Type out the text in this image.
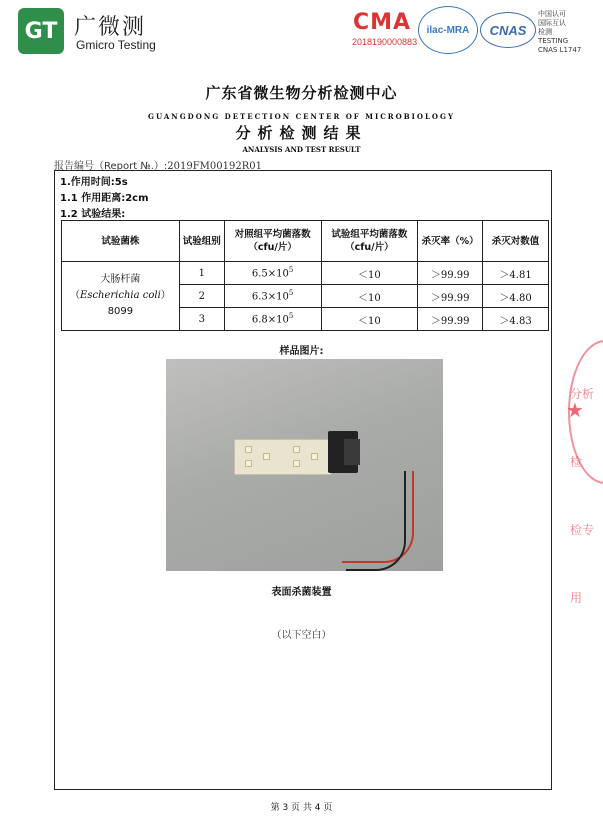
GT 广微测
Gmicro Testing
CMA
2018190000883
ilac-MRA CNAS
中国认可
国际互认
检测
TESTING
CNAS L1747
广东省微生物分析检测中心
GUANGDONG DETECTION CENTER OF MICROBIOLOGY
分析检测结果
ANALYSIS AND TEST RESULT
报告编号（Report №.）:2019FM00192R01
1.作用时间:5s
1.1 作用距离:2cm
1.2 试验结果:
试验菌株	试验组别	对照组平均菌落数（cfu/片）	试验组平均菌落数（cfu/片）	杀灭率（%）	杀灭对数值

大肠杆菌
（Escherichia coli）
8099	1	$6.5\times 10^5$	＜10	＞99.99	＞4.81
	2	$6.3\times 10^5$	＜10	＞99.99	＞4.80
	3	$6.8\times 10^5$	＜10	＞99.99	＞4.83
样品图片:
表面杀菌装置
（以下空白）
分析检
检专用
★
第 3 页 共 4 页
